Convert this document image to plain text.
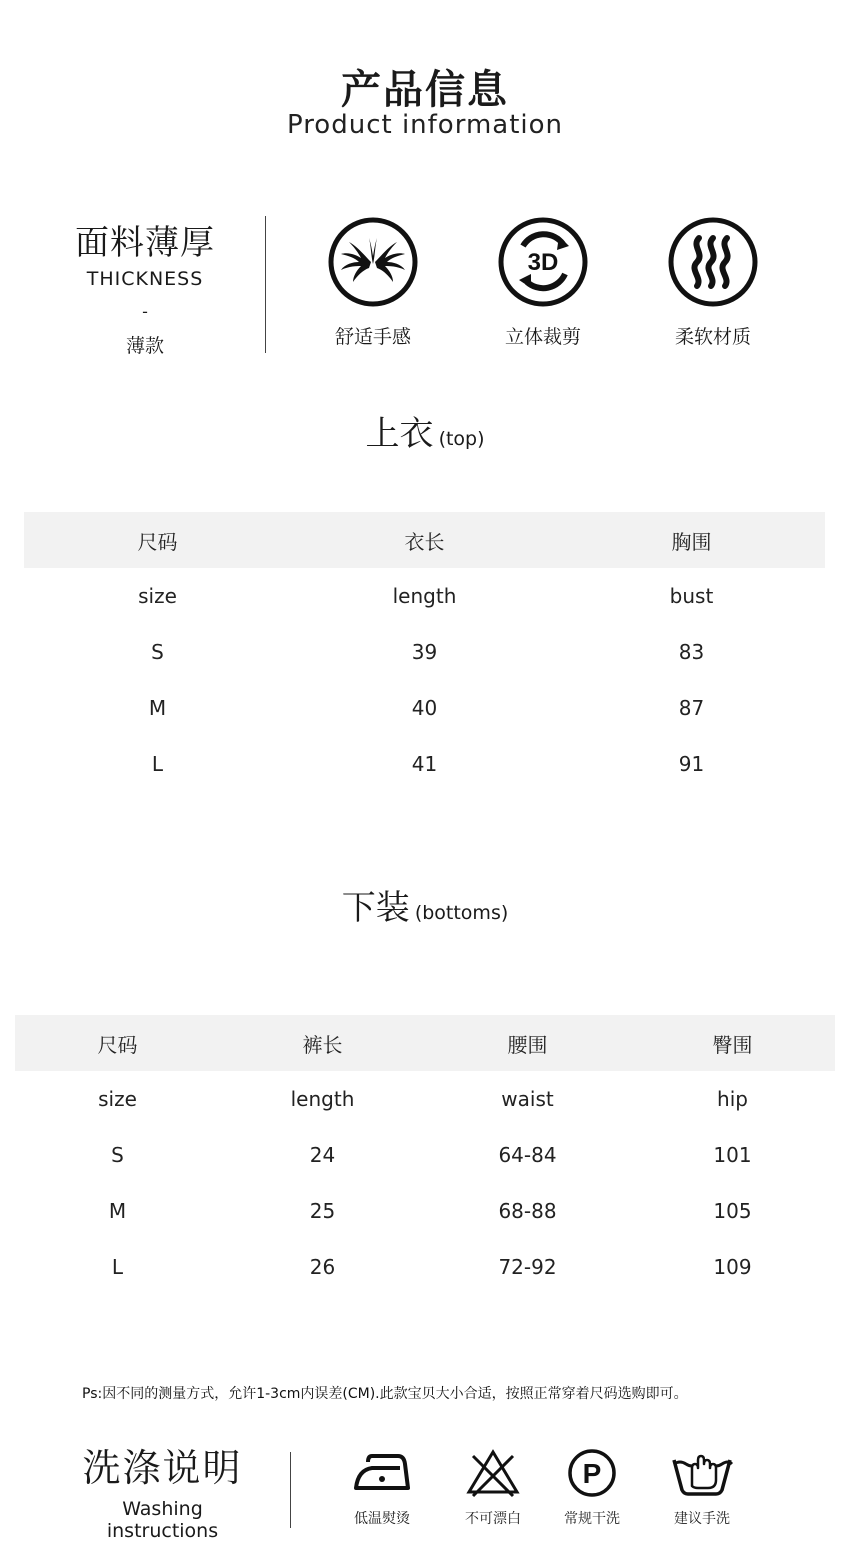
产品信息
Product information
面料薄厚
THICKNESS
-
薄款	舒适手感
3D
立体裁剪	柔软材质
上衣 (top)
尺码	衣长	胸围
size	length	bust
S	39	83
M	40	87
L	41	91
下装 (bottoms)
尺码	裤长	腰围	臀围
size	length	waist	hip
S	24	64-84	101
M	25	68-88	105
L	26	72-92	109
Ps:因不同的测量方式，允许1-3cm内误差(CM).此款宝贝大小合适，按照正常穿着尺码选购即可。
洗涤说明
Washing
instructions
低温熨烫	不可漂白
P
常规干洗	建议手洗
